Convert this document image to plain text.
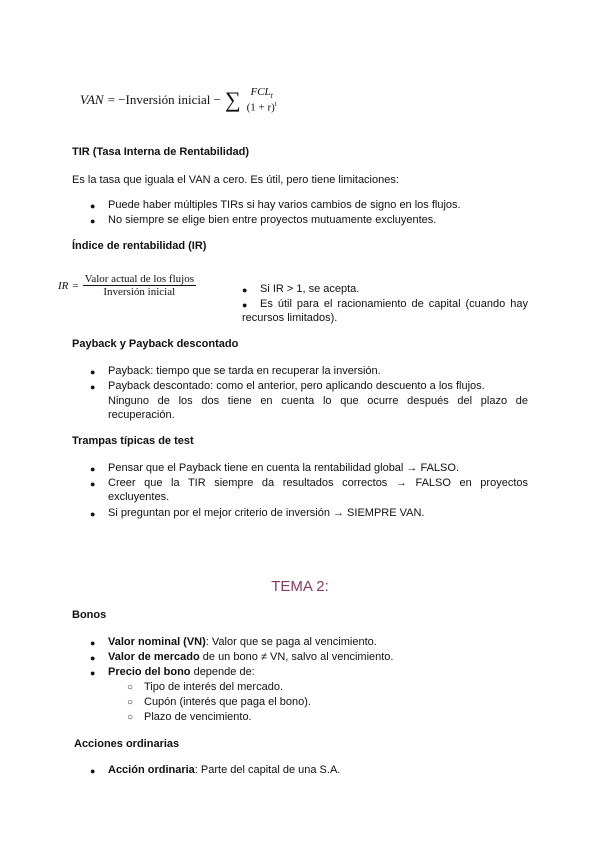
VAN = −Inversión inicial − ∑ $FCL_t$
$(1 + r)^t$
TIR (Tasa Interna de Rentabilidad)
Es la tasa que iguala el VAN a cero. Es útil, pero tiene limitaciones:
● Puede haber múltiples TIRs si hay varios cambios de signo en los flujos.
● No siempre se elige bien entre proyectos mutuamente excluyentes.
Índice de rentabilidad (IR)
IR = $\frac{\text{Valor actual de los flujos}}{\text{Inversión inicial}}$	● Si IR > 1, se acepta.
● Es útil para el racionamiento de capital (cuando hay
recursos limitados).
Payback y Payback descontado
● Payback: tiempo que se tarda en recuperar la inversión.
● Payback descontado: como el anterior, pero aplicando descuento a los flujos.
Ninguno de los dos tiene en cuenta lo que ocurre después del plazo de
recuperación.
Trampas típicas de test
● Pensar que el Payback tiene en cuenta la rentabilidad global → FALSO.
● Creer que la TIR siempre da resultados correctos → FALSO en proyectos
excluyentes.
● Si preguntan por el mejor criterio de inversión → SIEMPRE VAN.
TEMA 2:
Bonos
● Valor nominal (VN): Valor que se paga al vencimiento.
● Valor de mercado de un bono ≠ VN, salvo al vencimiento.
● Precio del bono depende de:
○ Tipo de interés del mercado.
○ Cupón (interés que paga el bono).
○ Plazo de vencimiento.
Acciones ordinarias
● Acción ordinaria: Parte del capital de una S.A.
